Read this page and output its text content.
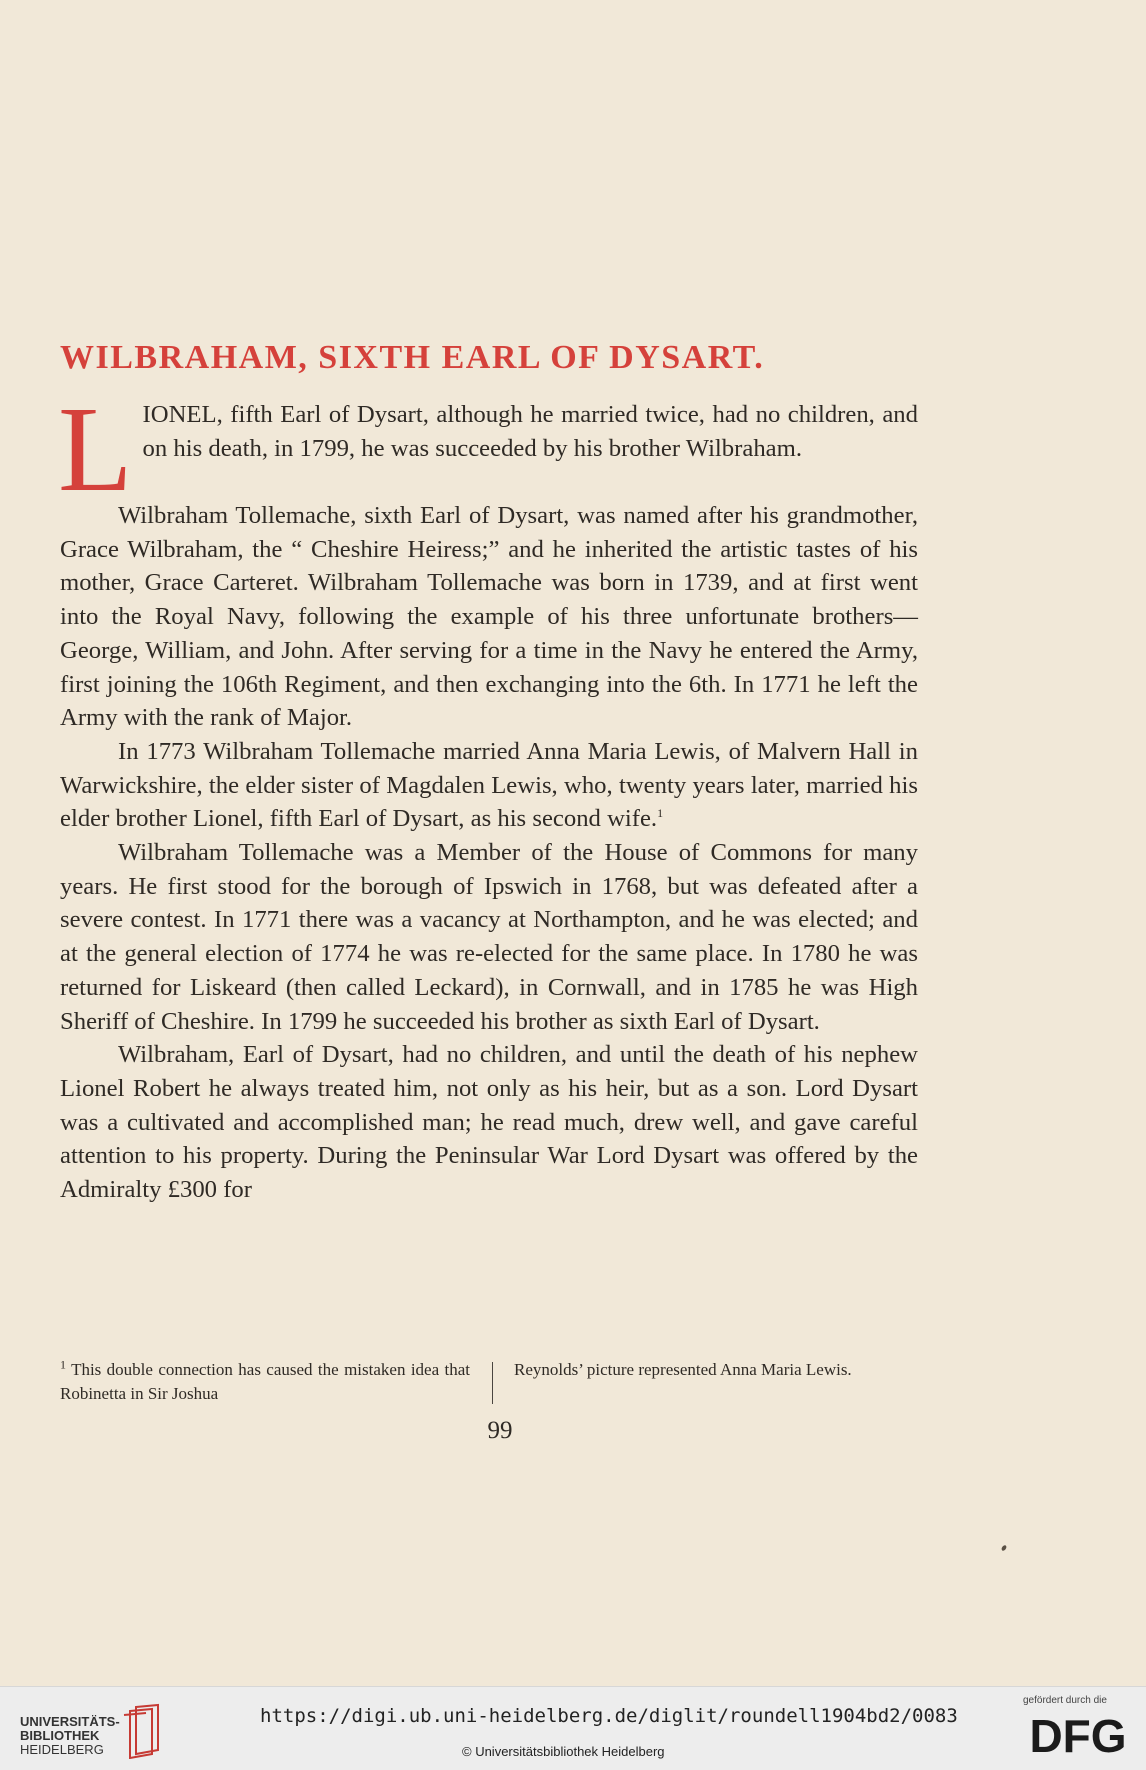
WILBRAHAM, SIXTH EARL OF DYSART.

L IONEL, fifth Earl of Dysart, although he married twice, had no children, and on his death, in 1799, he was succeeded by his brother Wilbraham.

Wilbraham Tollemache, sixth Earl of Dysart, was named after his grandmother, Grace Wilbraham, the “ Cheshire Heiress;” and he inherited the artistic tastes of his mother, Grace Carteret. Wilbraham Tollemache was born in 1739, and at first went into the Royal Navy, following the example of his three unfortunate brothers—George, William, and John. After serving for a time in the Navy he entered the Army, first joining the 106th Regiment, and then exchanging into the 6th. In 1771 he left the Army with the rank of Major.

In 1773 Wilbraham Tollemache married Anna Maria Lewis, of Malvern Hall in Warwickshire, the elder sister of Magdalen Lewis, who, twenty years later, married his elder brother Lionel, fifth Earl of Dysart, as his second wife.$^1$

Wilbraham Tollemache was a Member of the House of Commons for many years. He first stood for the borough of Ipswich in 1768, but was defeated after a severe contest. In 1771 there was a vacancy at Northampton, and he was elected; and at the general election of 1774 he was re-elected for the same place. In 1780 he was returned for Liskeard (then called Leckard), in Cornwall, and in 1785 he was High Sheriff of Cheshire. In 1799 he succeeded his brother as sixth Earl of Dysart.

Wilbraham, Earl of Dysart, had no children, and until the death of his nephew Lionel Robert he always treated him, not only as his heir, but as a son. Lord Dysart was a cultivated and accomplished man; he read much, drew well, and gave careful attention to his property. During the Peninsular War Lord Dysart was offered by the Admiralty £300 for

$^1$ This double connection has caused the mistaken idea that Robinetta in Sir Joshua
Reynolds’ picture represented Anna Maria Lewis.
99
UNIVERSITÄTS-
BIBLIOTHEK
HEIDELBERG
https://digi.ub.uni-heidelberg.de/diglit/roundell1904bd2/0083
© Universitätsbibliothek Heidelberg
gefördert durch die
DFG
